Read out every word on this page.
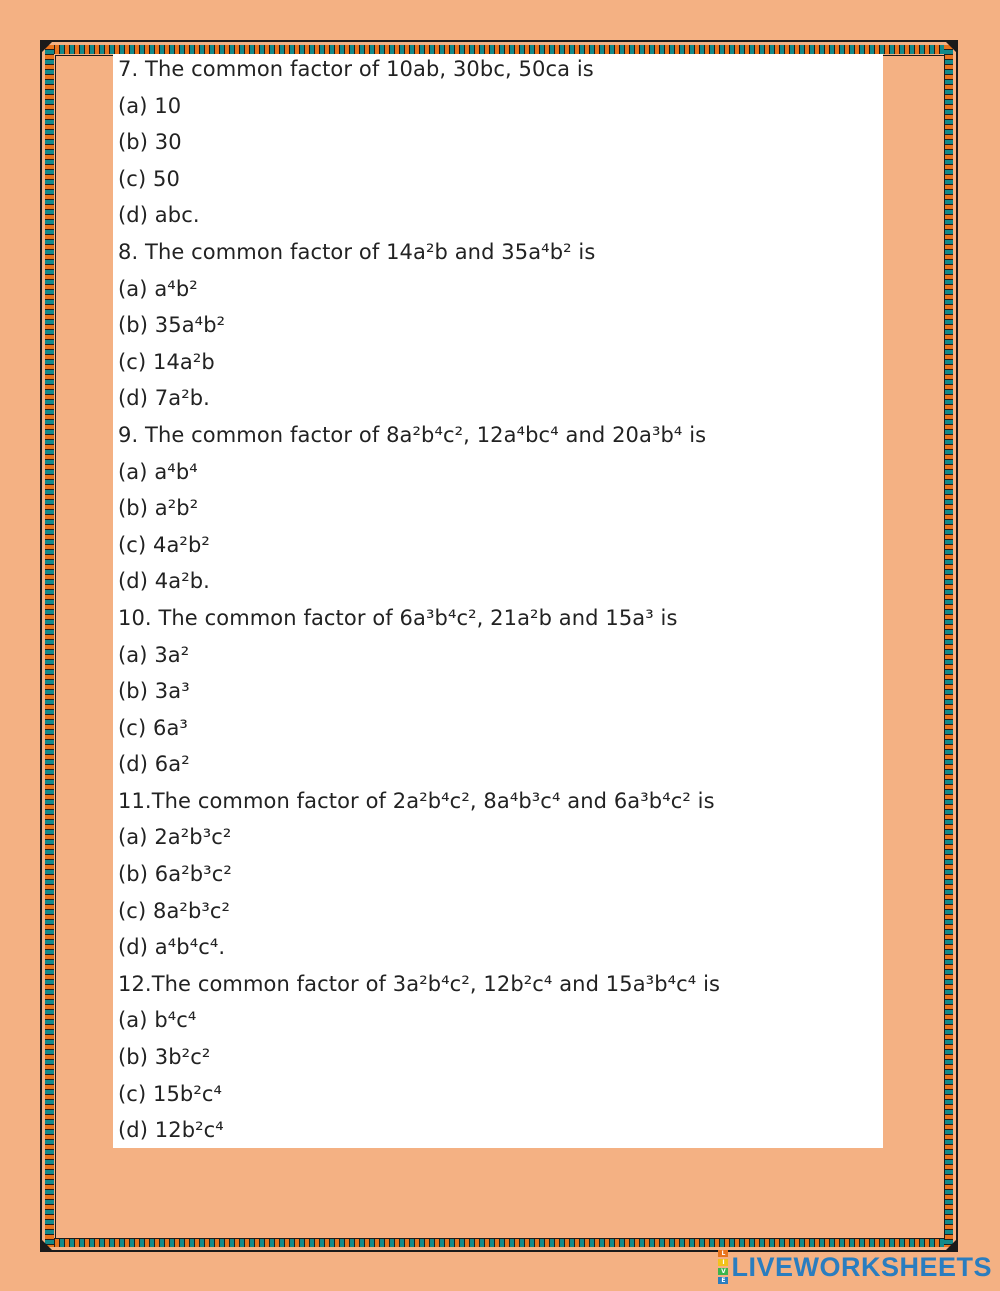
7. The common factor of 10ab, 30bc, 50ca is
(a) 10
(b) 30
(c) 50
(d) abc.
8. The common factor of 14a²b and 35a⁴b² is
(a) a⁴b²
(b) 35a⁴b²
(c) 14a²b
(d) 7a²b.
9. The common factor of 8a²b⁴c², 12a⁴bc⁴ and 20a³b⁴ is
(a) a⁴b⁴
(b) a²b²
(c) 4a²b²
(d) 4a²b.
10. The common factor of 6a³b⁴c², 21a²b and 15a³ is
(a) 3a²
(b) 3a³
(c) 6a³
(d) 6a²
11.The common factor of 2a²b⁴c², 8a⁴b³c⁴ and 6a³b⁴c² is
(a) 2a²b³c²
(b) 6a²b³c²
(c) 8a²b³c²
(d) a⁴b⁴c⁴.
12.The common factor of 3a²b⁴c², 12b²c⁴ and 15a³b⁴c⁴ is
(a) b⁴c⁴
(b) 3b²c²
(c) 15b²c⁴
(d) 12b²c⁴
L
I
V
E LIVEWORKSHEETS
